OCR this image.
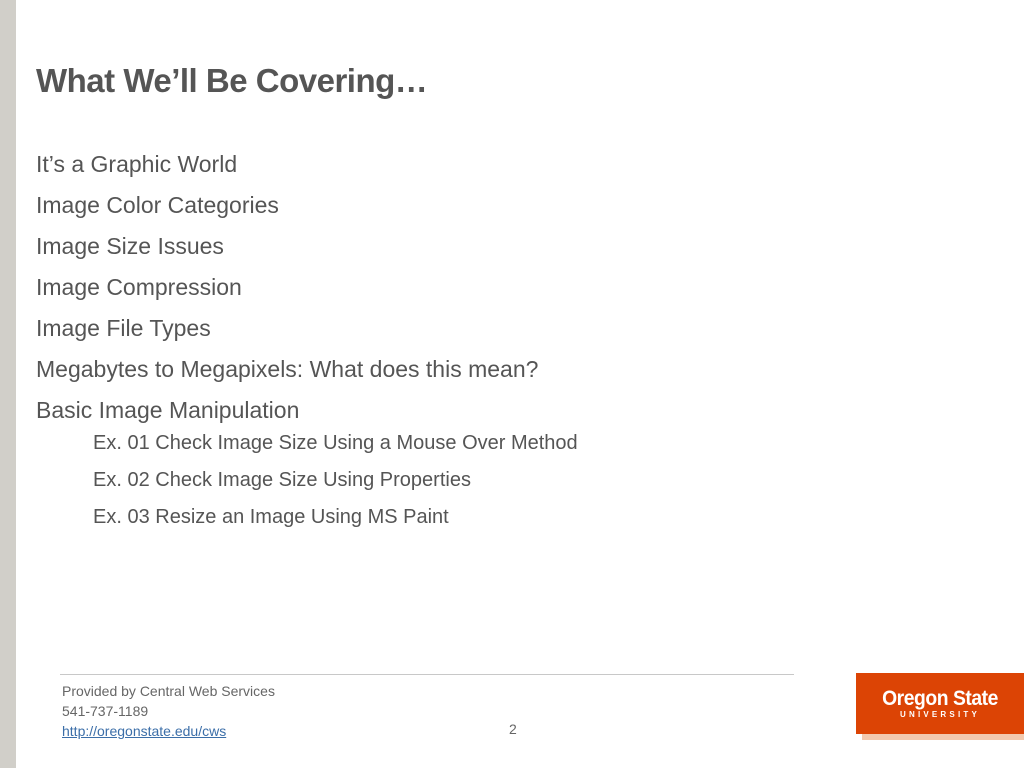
What We’ll Be Covering…
It’s a Graphic World
Image Color Categories
Image Size Issues
Image Compression
Image File Types
Megabytes to Megapixels: What does this mean?
Basic Image Manipulation
Ex. 01 Check Image Size Using a Mouse Over Method
Ex. 02 Check Image Size Using Properties
Ex. 03 Resize an Image Using MS Paint
Provided by Central Web Services
541-737-1189
http://oregonstate.edu/cws	2
Oregon State
UNIVERSITY
